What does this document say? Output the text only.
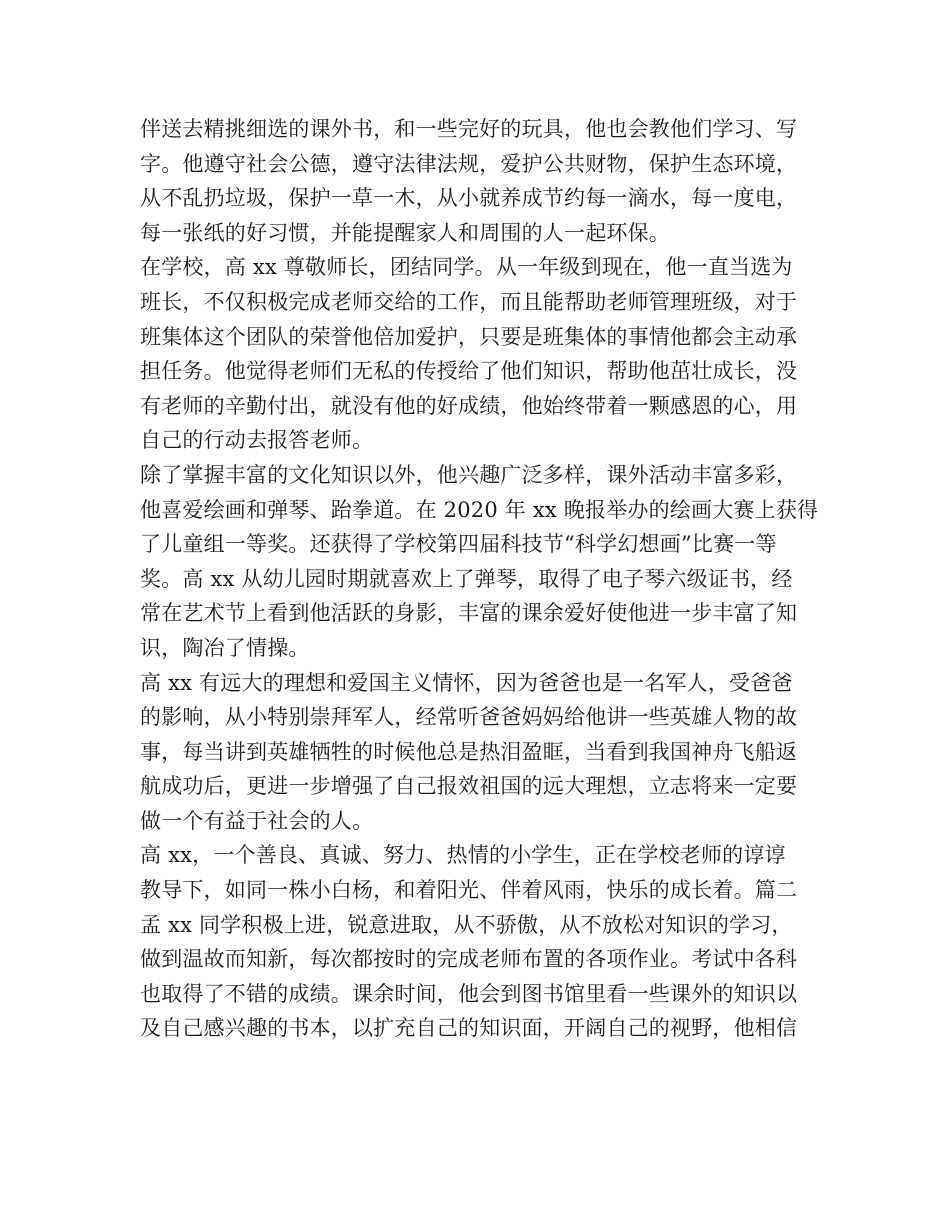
伴送去精挑细选的课外书，和一些完好的玩具，他也会教他们学习、写
字。他遵守社会公德，遵守法律法规，爱护公共财物，保护生态环境，
从不乱扔垃圾，保护一草一木，从小就养成节约每一滴水，每一度电，
每一张纸的好习惯，并能提醒家人和周围的人一起环保。
在学校，高 xx 尊敬师长，团结同学。从一年级到现在，他一直当选为
班长，不仅积极完成老师交给的工作，而且能帮助老师管理班级，对于
班集体这个团队的荣誉他倍加爱护，只要是班集体的事情他都会主动承
担任务。他觉得老师们无私的传授给了他们知识，帮助他茁壮成长，没
有老师的辛勤付出，就没有他的好成绩，他始终带着一颗感恩的心，用
自己的行动去报答老师。
除了掌握丰富的文化知识以外，他兴趣广泛多样，课外活动丰富多彩，
他喜爱绘画和弹琴、跆拳道。在 2020 年 xx 晚报举办的绘画大赛上获得
了儿童组一等奖。还获得了学校第四届科技节“科学幻想画”比赛一等
奖。高 xx 从幼儿园时期就喜欢上了弹琴，取得了电子琴六级证书，经
常在艺术节上看到他活跃的身影，丰富的课余爱好使他进一步丰富了知
识，陶冶了情操。
高 xx 有远大的理想和爱国主义情怀，因为爸爸也是一名军人，受爸爸
的影响，从小特别崇拜军人，经常听爸爸妈妈给他讲一些英雄人物的故
事，每当讲到英雄牺牲的时候他总是热泪盈眶，当看到我国神舟飞船返
航成功后，更进一步增强了自己报效祖国的远大理想，立志将来一定要
做一个有益于社会的人。
高 xx，一个善良、真诚、努力、热情的小学生，正在学校老师的谆谆
教导下，如同一株小白杨，和着阳光、伴着风雨，快乐的成长着。篇二
孟 xx 同学积极上进，锐意进取，从不骄傲，从不放松对知识的学习，
做到温故而知新，每次都按时的完成老师布置的各项作业。考试中各科
也取得了不错的成绩。课余时间，他会到图书馆里看一些课外的知识以
及自己感兴趣的书本，以扩充自己的知识面，开阔自己的视野，他相信
